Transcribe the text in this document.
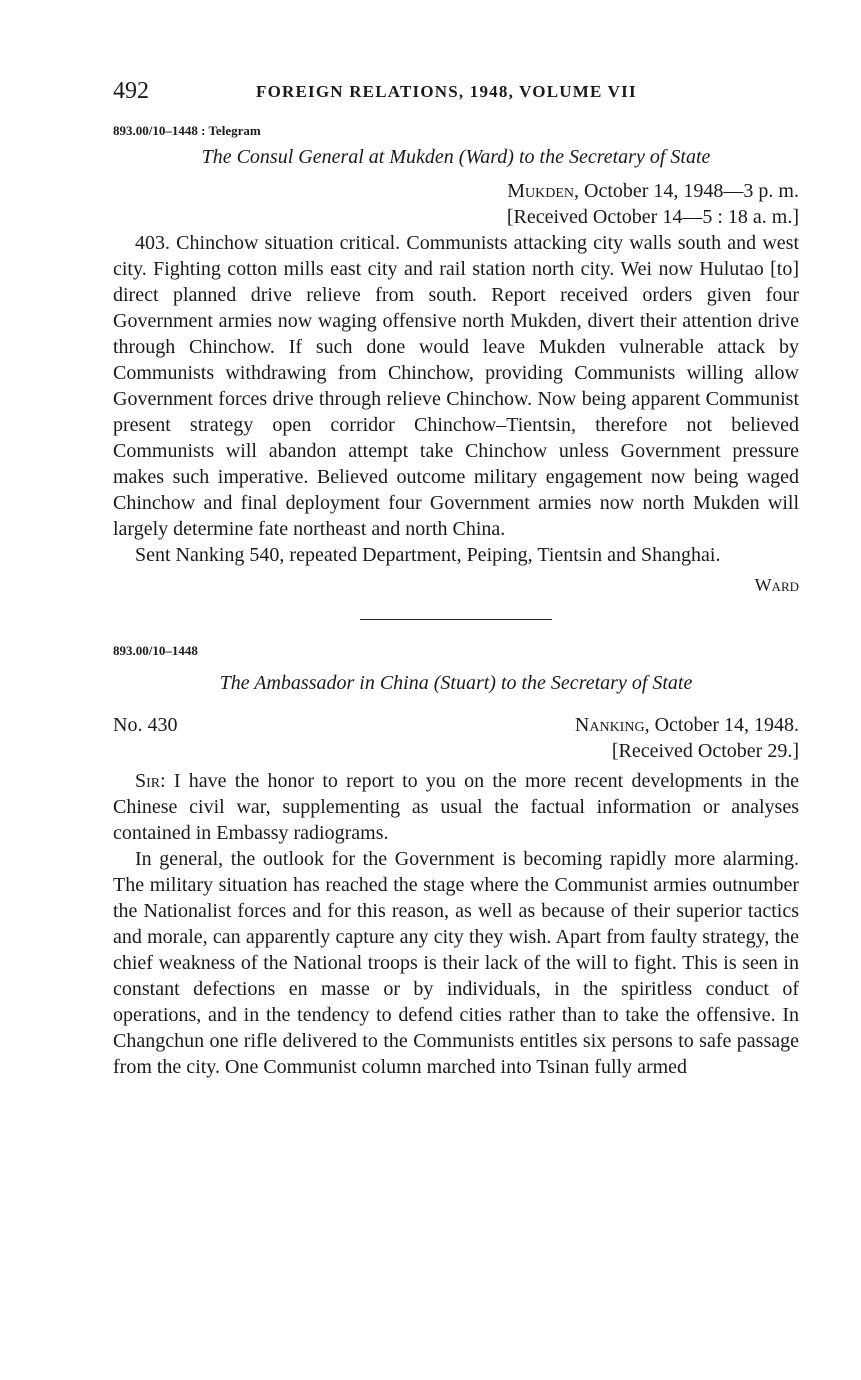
492	FOREIGN RELATIONS, 1948, VOLUME VII
893.00/10–1448 : Telegram
The Consul General at Mukden (Ward) to the Secretary of State
Mukden, October 14, 1948—3 p. m.
[Received October 14—5 : 18 a. m.]

403. Chinchow situation critical. Communists attacking city walls south and west city. Fighting cotton mills east city and rail station north city. Wei now Hulutao [to] direct planned drive relieve from south. Report received orders given four Government armies now waging offensive north Mukden, divert their attention drive through Chinchow. If such done would leave Mukden vulnerable attack by Communists withdrawing from Chinchow, providing Communists willing allow Government forces drive through relieve Chinchow. Now being apparent Communist present strategy open corridor Chinchow–Tientsin, therefore not believed Communists will abandon attempt take Chinchow unless Government pressure makes such imperative. Believed outcome military engagement now being waged Chinchow and final deployment four Government armies now north Mukden will largely determine fate northeast and north China.

Sent Nanking 540, repeated Department, Peiping, Tientsin and Shanghai.

Ward
893.00/10–1448
The Ambassador in China (Stuart) to the Secretary of State
No. 430	Nanking, October 14, 1948.
[Received October 29.]

Sir: I have the honor to report to you on the more recent developments in the Chinese civil war, supplementing as usual the factual information or analyses contained in Embassy radiograms.

In general, the outlook for the Government is becoming rapidly more alarming. The military situation has reached the stage where the Communist armies outnumber the Nationalist forces and for this reason, as well as because of their superior tactics and morale, can apparently capture any city they wish. Apart from faulty strategy, the chief weakness of the National troops is their lack of the will to fight. This is seen in constant defections en masse or by individuals, in the spiritless conduct of operations, and in the tendency to defend cities rather than to take the offensive. In Changchun one rifle delivered to the Communists entitles six persons to safe passage from the city. One Communist column marched into Tsinan fully armed
